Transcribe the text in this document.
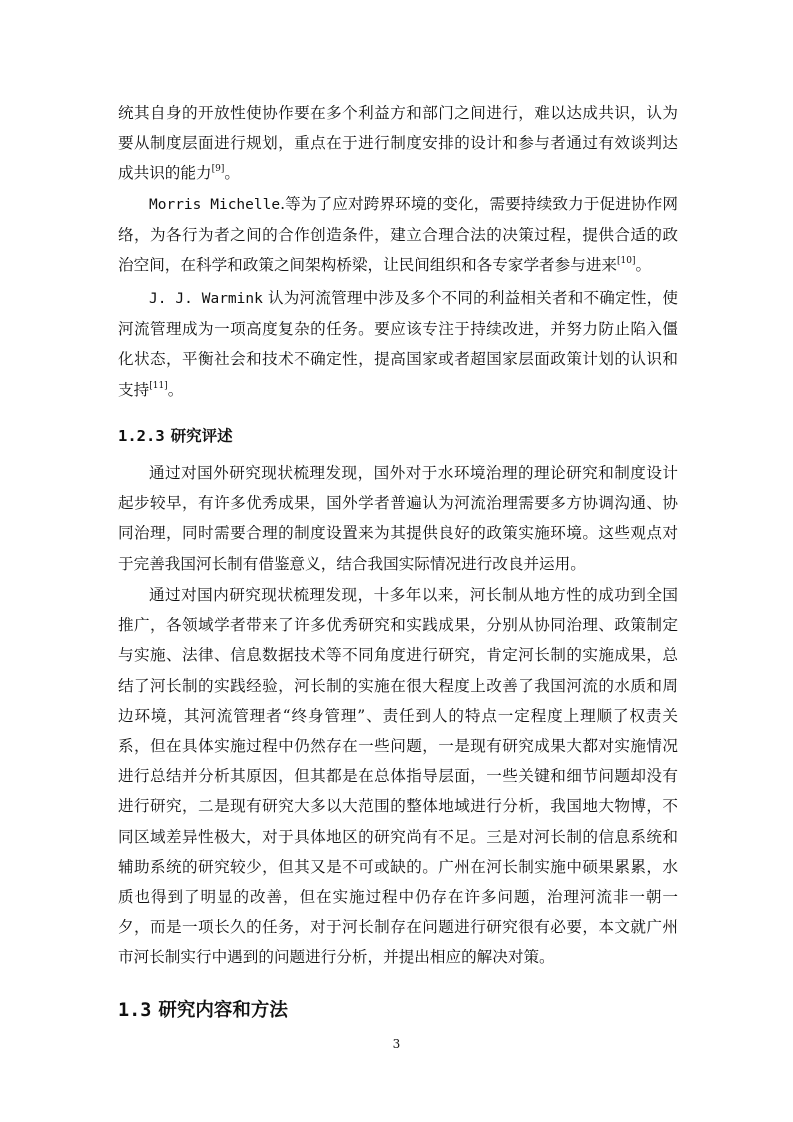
统其自身的开放性使协作要在多个利益方和部门之间进行，难以达成共识，认为要从制度层面进行规划，重点在于进行制度安排的设计和参与者通过有效谈判达成共识的能力[9]。

Morris Michelle.等为了应对跨界环境的变化，需要持续致力于促进协作网络，为各行为者之间的合作创造条件，建立合理合法的决策过程，提供合适的政治空间，在科学和政策之间架构桥梁，让民间组织和各专家学者参与进来[10]。

J. J. Warmink 认为河流管理中涉及多个不同的利益相关者和不确定性，使河流管理成为一项高度复杂的任务。要应该专注于持续改进，并努力防止陷入僵化状态，平衡社会和技术不确定性，提高国家或者超国家层面政策计划的认识和支持[11]。

1.2.3 研究评述

通过对国外研究现状梳理发现，国外对于水环境治理的理论研究和制度设计起步较早，有许多优秀成果，国外学者普遍认为河流治理需要多方协调沟通、协同治理，同时需要合理的制度设置来为其提供良好的政策实施环境。这些观点对于完善我国河长制有借鉴意义，结合我国实际情况进行改良并运用。

通过对国内研究现状梳理发现，十多年以来，河长制从地方性的成功到全国推广，各领域学者带来了许多优秀研究和实践成果，分别从协同治理、政策制定与实施、法律、信息数据技术等不同角度进行研究，肯定河长制的实施成果，总结了河长制的实践经验，河长制的实施在很大程度上改善了我国河流的水质和周边环境，其河流管理者“终身管理”、责任到人的特点一定程度上理顺了权责关系，但在具体实施过程中仍然存在一些问题，一是现有研究成果大都对实施情况进行总结并分析其原因，但其都是在总体指导层面，一些关键和细节问题却没有进行研究，二是现有研究大多以大范围的整体地域进行分析，我国地大物博，不同区域差异性极大，对于具体地区的研究尚有不足。三是对河长制的信息系统和辅助系统的研究较少，但其又是不可或缺的。广州在河长制实施中硕果累累，水质也得到了明显的改善，但在实施过程中仍存在许多问题，治理河流非一朝一夕，而是一项长久的任务，对于河长制存在问题进行研究很有必要，本文就广州市河长制实行中遇到的问题进行分析，并提出相应的解决对策。

1.3 研究内容和方法

3
